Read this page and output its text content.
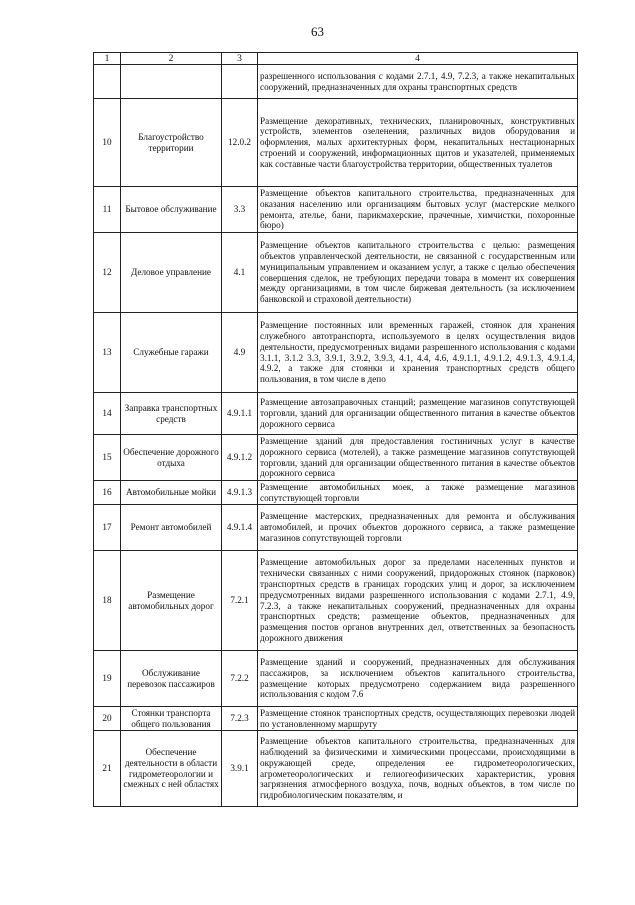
63
1	2	3	4
			разрешенного использования с кодами 2.7.1, 4.9, 7.2.3, а также некапитальных сооружений, предназначенных для охраны транспортных средств
10	Благоустройство территории	12.0.2	Размещение декоративных, технических, планировочных, конструктивных устройств, элементов озеленения, различных видов оборудования и оформления, малых архитектурных форм, некапитальных нестационарных строений и сооружений, информационных щитов и указателей, применяемых как составные части благоустройства территории, общественных туалетов
11	Бытовое обслуживание	3.3	Размещение объектов капитального строительства, предназначенных для оказания населению или организациям бытовых услуг (мастерские мелкого ремонта, ателье, бани, парикмахерские, прачечные, химчистки, похоронные бюро)
12	Деловое управление	4.1	Размещение объектов капитального строительства с целью: размещения объектов управленческой деятельности, не связанной с государственным или муниципальным управлением и оказанием услуг, а также с целью обеспечения совершения сделок, не требующих передачи товара в момент их совершения между организациями, в том числе биржевая деятельность (за исключением банковской и страховой деятельности)
13	Служебные гаражи	4.9	Размещение постоянных или временных гаражей, стоянок для хранения служебного автотранспорта, используемого в целях осуществления видов деятельности, предусмотренных видами разрешенного использования с кодами 3.1.1, 3.1.2 3.3, 3.9.1, 3.9.2, 3.9.3, 4.1, 4.4, 4.6, 4.9.1.1, 4.9.1.2, 4.9.1.3, 4.9.1.4, 4.9.2, а также для стоянки и хранения транспортных средств общего пользования, в том числе в депо
14	Заправка транспортных средств	4.9.1.1	Размещение автозаправочных станций; размещение магазинов сопутствующей торговли, зданий для организации общественного питания в качестве объектов дорожного сервиса
15	Обеспечение дорожного отдыха	4.9.1.2	Размещение зданий для предоставления гостиничных услуг в качестве дорожного сервиса (мотелей), а также размещение магазинов сопутствующей торговли, зданий для организации общественного питания в качестве объектов дорожного сервиса
16	Автомобильные мойки	4.9.1.3	Размещение автомобильных моек, а также размещение магазинов сопутствующей торговли
17	Ремонт автомобилей	4.9.1.4	Размещение мастерских, предназначенных для ремонта и обслуживания автомобилей, и прочих объектов дорожного сервиса, а также размещение магазинов сопутствующей торговли
18	Размещение автомобильных дорог	7.2.1	Размещение автомобильных дорог за пределами населенных пунктов и технически связанных с ними сооружений, придорожных стоянок (парковок) транспортных средств в границах городских улиц и дорог, за исключением предусмотренных видами разрешенного использования с кодами 2.7.1, 4.9, 7.2.3, а также некапитальных сооружений, предназначенных для охраны транспортных средств; размещение объектов, предназначенных для размещения постов органов внутренних дел, ответственных за безопасность дорожного движения
19	Обслуживание перевозок пассажиров	7.2.2	Размещение зданий и сооружений, предназначенных для обслуживания пассажиров, за исключением объектов капитального строительства, размещение которых предусмотрено содержанием вида разрешенного использования с кодом 7.6
20	Стоянки транспорта общего пользования	7.2.3	Размещение стоянок транспортных средств, осуществляющих перевозки людей по установленному маршруту
21	Обеспечение деятельности в области гидрометеорологии и смежных с ней областях	3.9.1	Размещение объектов капитального строительства, предназначенных для наблюдений за физическими и химическими процессами, происходящими в окружающей среде, определения ее гидрометеорологических, агрометеорологических и гелиогеофизических характеристик, уровня загрязнения атмосферного воздуха, почв, водных объектов, в том числе по гидробиологическим показателям, и
